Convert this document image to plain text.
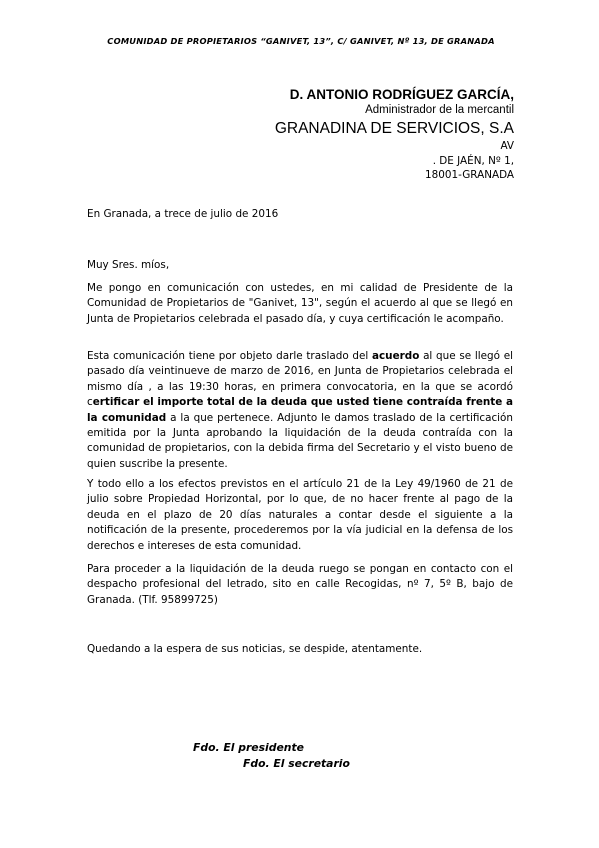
COMUNIDAD DE PROPIETARIOS “GANIVET, 13”, C/ GANIVET, Nº 13, DE GRANADA
D. ANTONIO RODRÍGUEZ GARCÍA,
Administrador de la mercantil
GRANADINA DE SERVICIOS, S.A
AV
. DE JAÉN, Nº 1,
18001-GRANADA
En Granada, a trece de julio de 2016
Muy Sres. míos,
Me pongo en comunicación con ustedes, en mi calidad de Presidente de la Comunidad de Propietarios de "Ganivet, 13", según el acuerdo al que se llegó en Junta de Propietarios celebrada el pasado día, y cuya certificación le acompaño.
Esta comunicación tiene por objeto darle traslado del acuerdo al que se llegó el pasado día veintinueve de marzo de 2016, en Junta de Propietarios celebrada el mismo día , a las 19:30 horas, en primera convocatoria, en la que se acordó certificar el importe total de la deuda que usted tiene contraída frente a la comunidad a la que pertenece. Adjunto le damos traslado de la certificación emitida por la Junta aprobando la liquidación de la deuda contraída con la comunidad de propietarios, con la debida firma del Secretario y el visto bueno de quien suscribe la presente.
Y todo ello a los efectos previstos en el artículo 21 de la Ley 49/1960 de 21 de julio sobre Propiedad Horizontal, por lo que, de no hacer frente al pago de la deuda en el plazo de 20 días naturales a contar desde el siguiente a la notificación de la presente, procederemos por la vía judicial en la defensa de los derechos e intereses de esta comunidad.
Para proceder a la liquidación de la deuda ruego se pongan en contacto con el despacho profesional del letrado, sito en calle Recogidas, nº 7, 5º B, bajo de Granada. (Tlf. 95899725)
Quedando a la espera de sus noticias, se despide, atentamente.
Fdo. El presidente
Fdo. El secretario
